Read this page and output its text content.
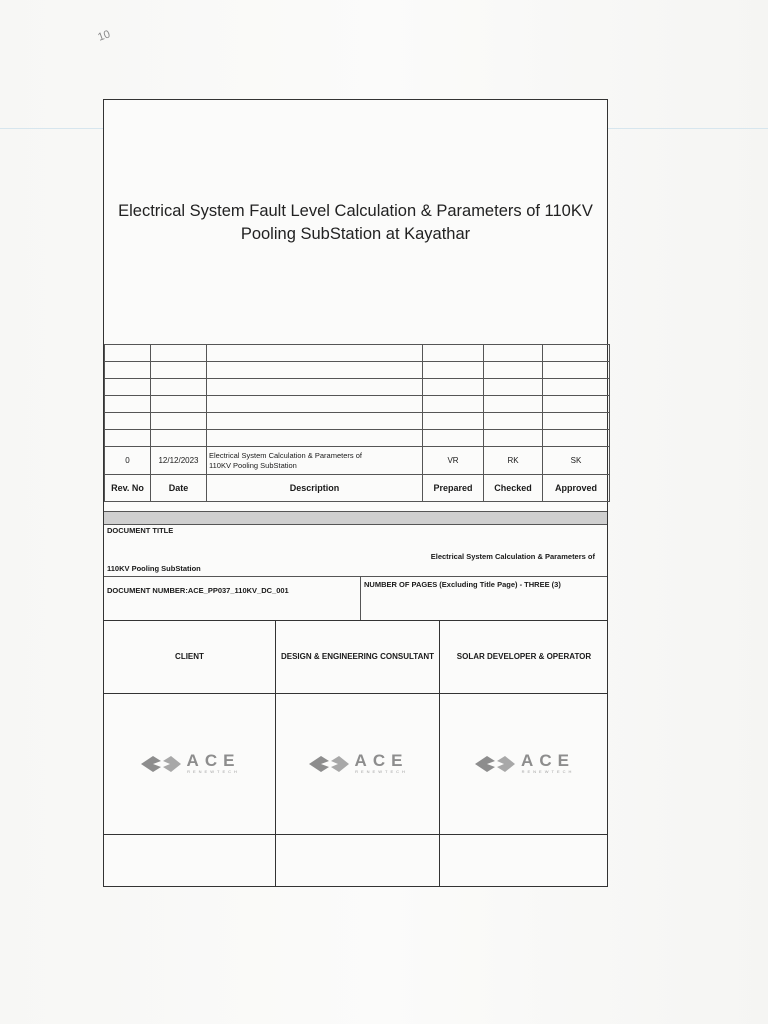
10
Electrical System Fault Level Calculation & Parameters of 110KV
Pooling SubStation at Kayathar

0	12/12/2023	Electrical System Calculation & Parameters of
110KV Pooling SubStation	VR	RK	SK
Rev. No	Date	Description	Prepared	Checked	Approved
DOCUMENT TITLE
Electrical System Calculation & Parameters of
110KV Pooling SubStation
DOCUMENT NUMBER:ACE_PP037_110KV_DC_001
NUMBER OF PAGES (Excluding Title Page) - THREE (3)
CLIENT
ACE
RENEWTECH
DESIGN & ENGINEERING CONSULTANT
ACE
RENEWTECH
SOLAR DEVELOPER & OPERATOR
ACE
RENEWTECH
